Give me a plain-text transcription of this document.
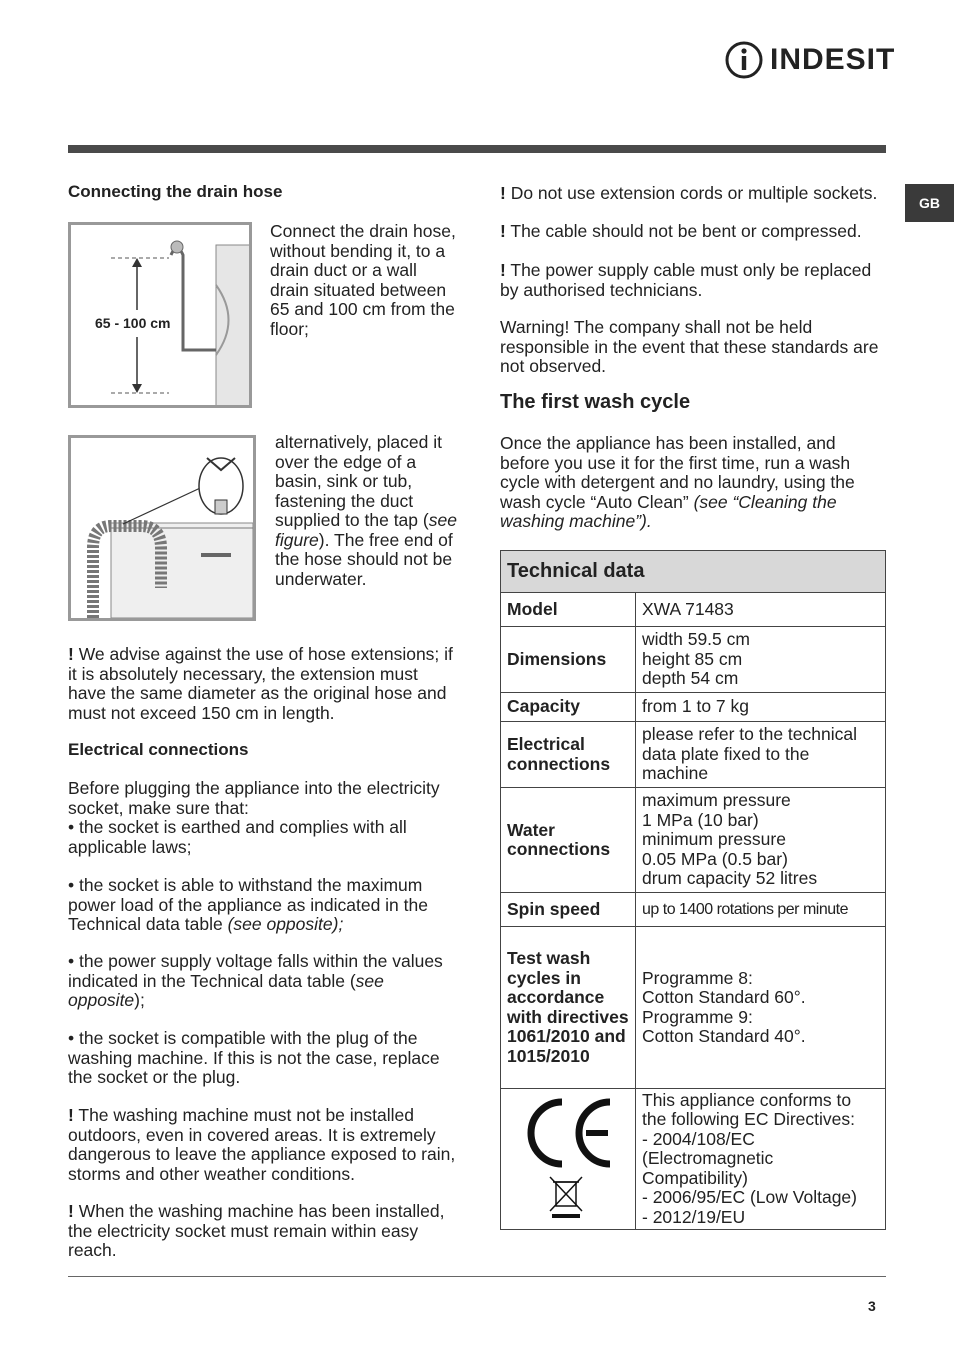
INDESIT
GB
Connecting the drain hose
65 - 100 cm
Connect the drain hose, without bending it, to a drain duct or a wall drain situated between 65 and 100 cm from the floor;
alternatively, placed it over the edge of a basin, sink or tub, fastening the duct supplied to the tap (see figure). The free end of the hose should not be underwater.
! We advise against the use of hose extensions; if it is absolutely necessary, the extension must have the same diameter as the original hose and must not exceed 150 cm in length.
Electrical connections
Before plugging the appliance into the electricity socket, make sure that:
• the socket is earthed and complies with all applicable laws;
• the socket is able to withstand the maximum power load of the appliance as indicated in the Technical data table (see opposite);
• the power supply voltage falls within the values indicated in the Technical data table (see opposite);
• the socket is compatible with the plug of the washing machine. If this is not the case, replace the socket or the plug.
! The washing machine must not be installed outdoors, even in covered areas. It is extremely dangerous to leave the appliance exposed to rain, storms and other weather conditions.
! When the washing machine has been installed, the electricity socket must remain within easy reach.
! Do not use extension cords or multiple sockets.
! The cable should not be bent or compressed.
! The power supply cable must only be replaced by authorised technicians.
Warning! The company shall not be held responsible in the event that these standards are not observed.
The first wash cycle
Once the appliance has been installed, and before you use it for the first time, run a wash cycle with detergent and no laundry, using the wash cycle “Auto Clean” (see “Cleaning the washing machine”).
Technical data	
Model	XWA 71483
Dimensions	width 59.5 cm
height 85 cm
depth 54 cm
Capacity	from 1 to 7 kg
Electrical connections	please refer to the technical data plate fixed to the machine
Water connections	maximum pressure
1 MPa (10 bar)
minimum pressure
0.05 MPa (0.5 bar)
drum capacity 52 litres
Spin speed	up to 1400 rotations per minute
Test wash cycles in accordance with directives 1061/2010 and 1015/2010	Programme 8:
Cotton Standard 60°.
Programme 9:
Cotton Standard 40°.
	This appliance conforms to the following EC Directives:
- 2004/108/EC (Electromagnetic Compatibility)
- 2006/95/EC (Low Voltage)
- 2012/19/EU
3
